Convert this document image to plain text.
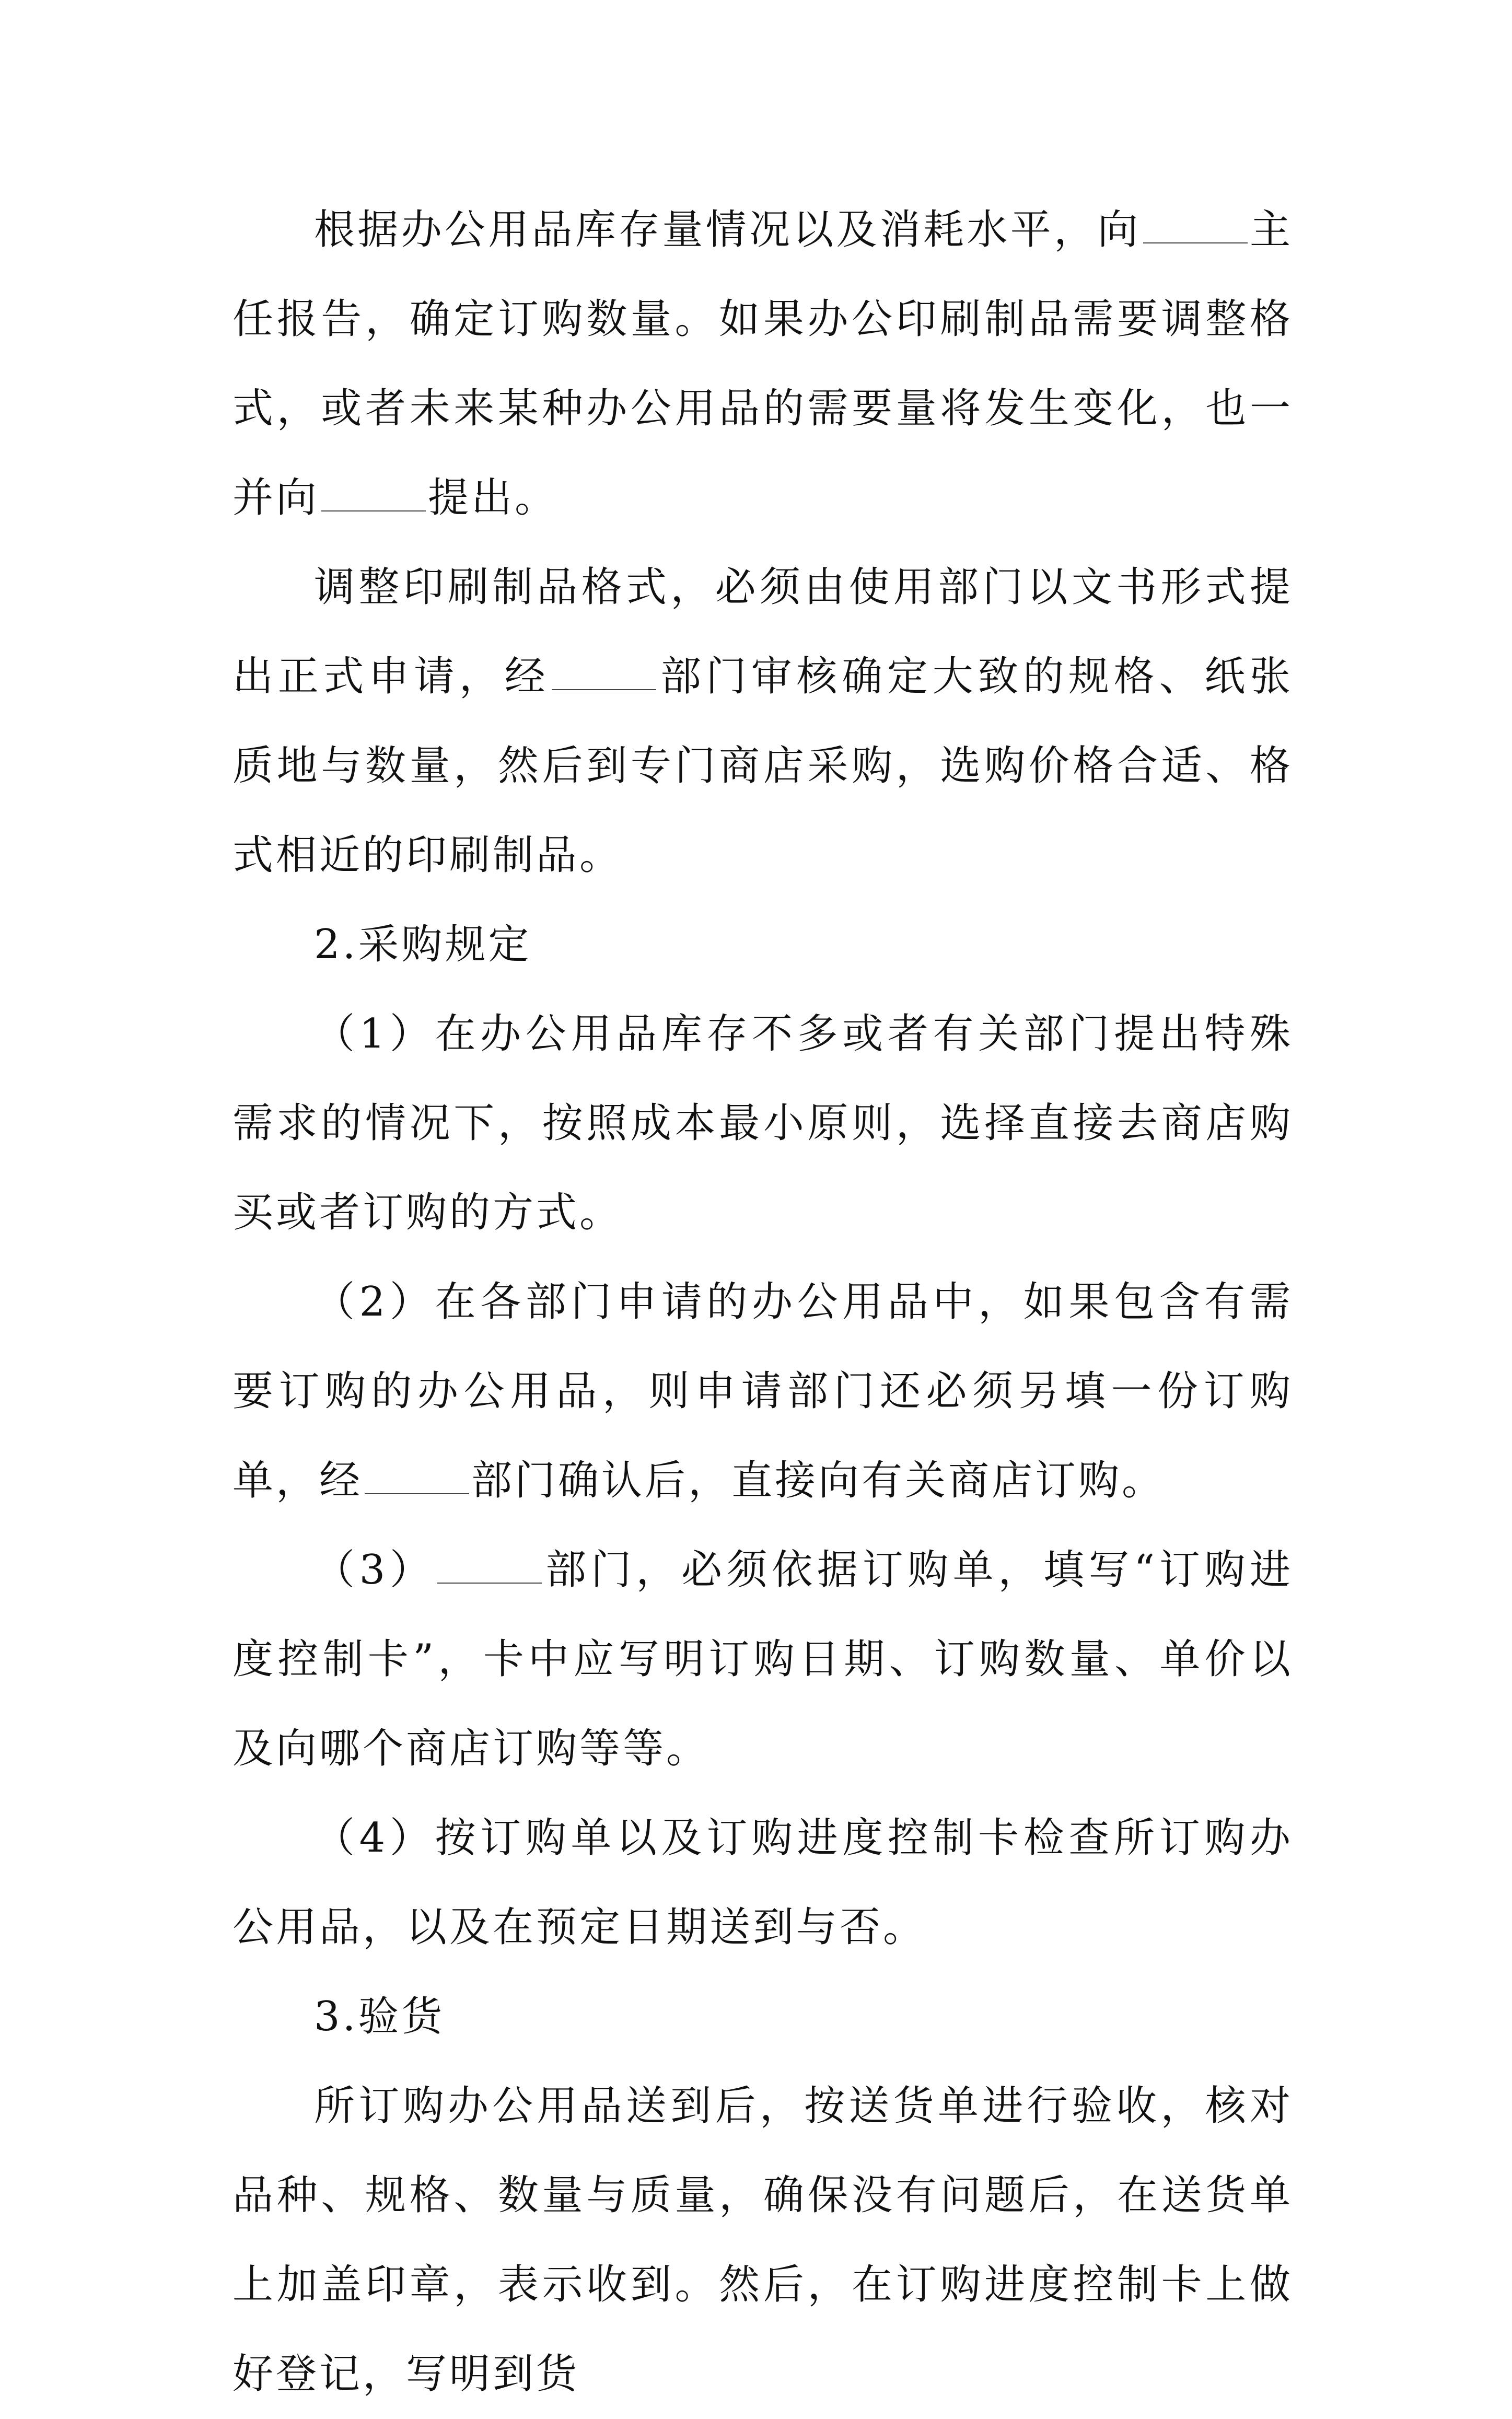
根据办公用品库存量情况以及消耗水平，向	主任报告，确定订购数量。如果办公印刷制品需要调整格式，或者未来某种办公用品的需要量将发生变化，也一并向	提出。

调整印刷制品格式，必须由使用部门以文书形式提出正式申请，经	部门审核确定大致的规格、纸张质地与数量，然后到专门商店采购，选购价格合适、格式相近的印刷制品。

2.采购规定

（1）在办公用品库存不多或者有关部门提出特殊需求的情况下，按照成本最小原则，选择直接去商店购买或者订购的方式。

（2）在各部门申请的办公用品中，如果包含有需要订购的办公用品，则申请部门还必须另填一份订购单，经	部门确认后，直接向有关商店订购。

（3）	部门，必须依据订购单，填写“订购进度控制卡”，卡中应写明订购日期、订购数量、单价以及向哪个商店订购等等。

（4）按订购单以及订购进度控制卡检查所订购办公用品，以及在预定日期送到与否。

3.验货

所订购办公用品送到后，按送货单进行验收，核对品种、规格、数量与质量，确保没有问题后，在送货单上加盖印章，表示收到。然后，在订购进度控制卡上做好登记，写明到货
